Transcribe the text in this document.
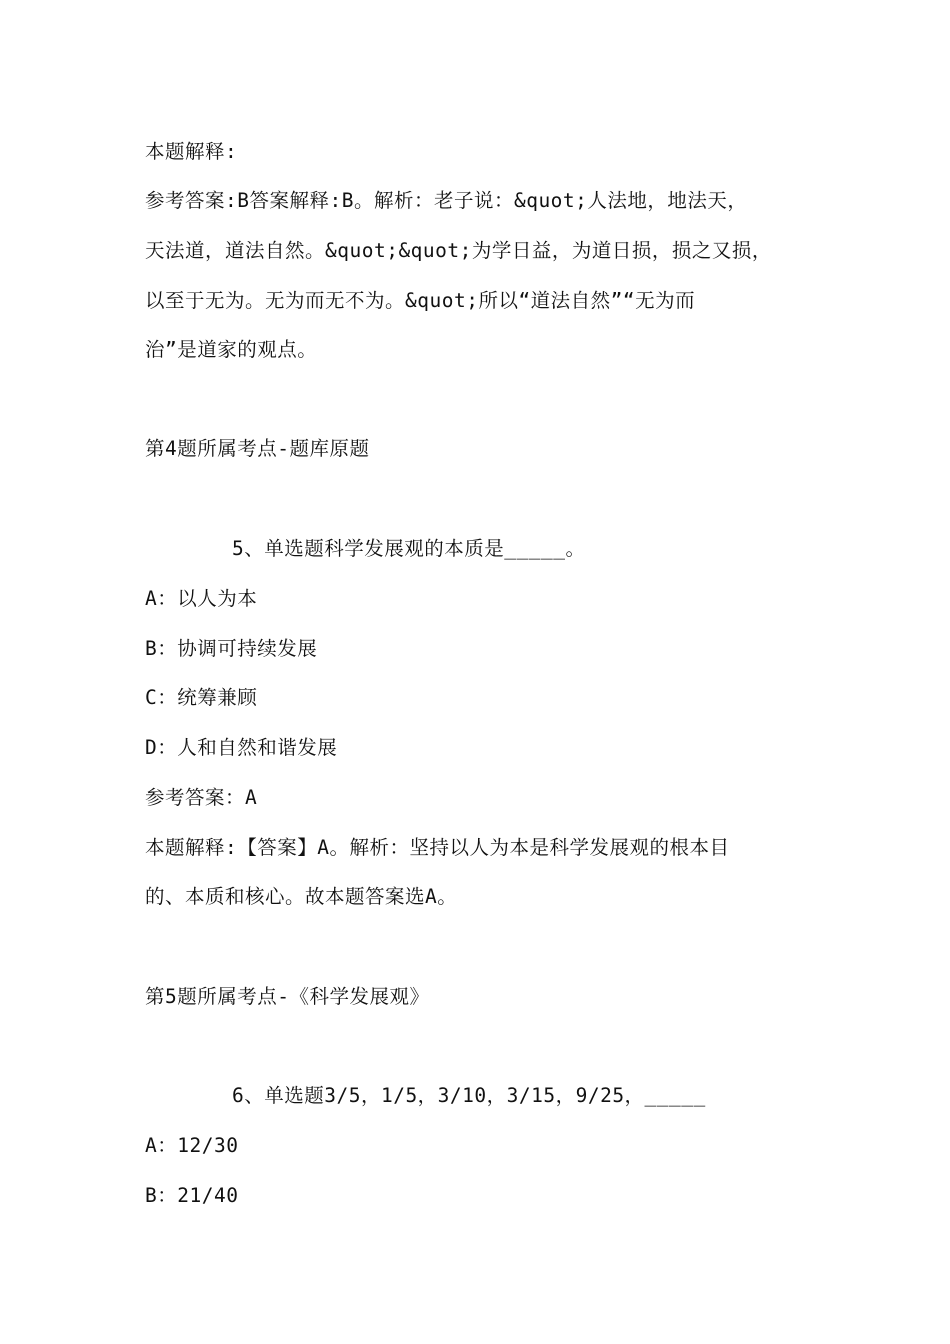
本题解释:
参考答案:B答案解释:B。解析：老子说：&quot;人法地，地法天，
天法道，道法自然。&quot;&quot;为学日益，为道日损，损之又损，
以至于无为。无为而无不为。&quot;所以“道法自然”“无为而
治”是道家的观点。
第4题所属考点-题库原题
5、单选题科学发展观的本质是_____。
A：以人为本
B：协调可持续发展
C：统筹兼顾
D：人和自然和谐发展
参考答案：A
本题解释:【答案】A。解析：坚持以人为本是科学发展观的根本目
的、本质和核心。故本题答案选A。
第5题所属考点-《科学发展观》
6、单选题3/5，1/5，3/10，3/15，9/25，_____
A：12/30
B：21/40
